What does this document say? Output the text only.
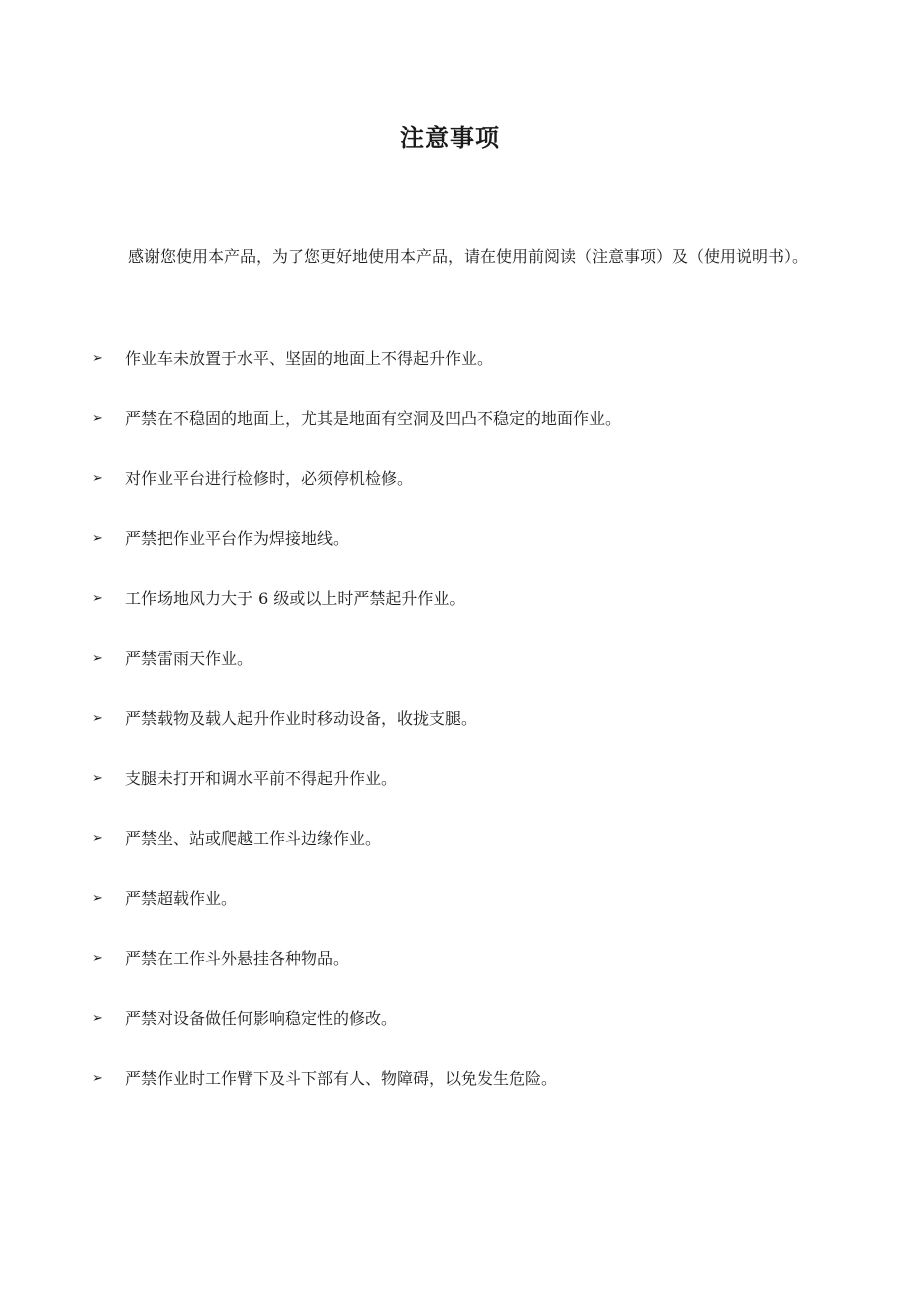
注意事项

感谢您使用本产品，为了您更好地使用本产品，请在使用前阅读（注意事项）及（使用说明书）。

➢	作业车未放置于水平、坚固的地面上不得起升作业。
➢	严禁在不稳固的地面上，尤其是地面有空洞及凹凸不稳定的地面作业。
➢	对作业平台进行检修时，必须停机检修。
➢	严禁把作业平台作为焊接地线。
➢	工作场地风力大于 6 级或以上时严禁起升作业。
➢	严禁雷雨天作业。
➢	严禁载物及载人起升作业时移动设备，收拢支腿。
➢	支腿未打开和调水平前不得起升作业。
➢	严禁坐、站或爬越工作斗边缘作业。
➢	严禁超载作业。
➢	严禁在工作斗外悬挂各种物品。
➢	严禁对设备做任何影响稳定性的修改。
➢	严禁作业时工作臂下及斗下部有人、物障碍，以免发生危险。
